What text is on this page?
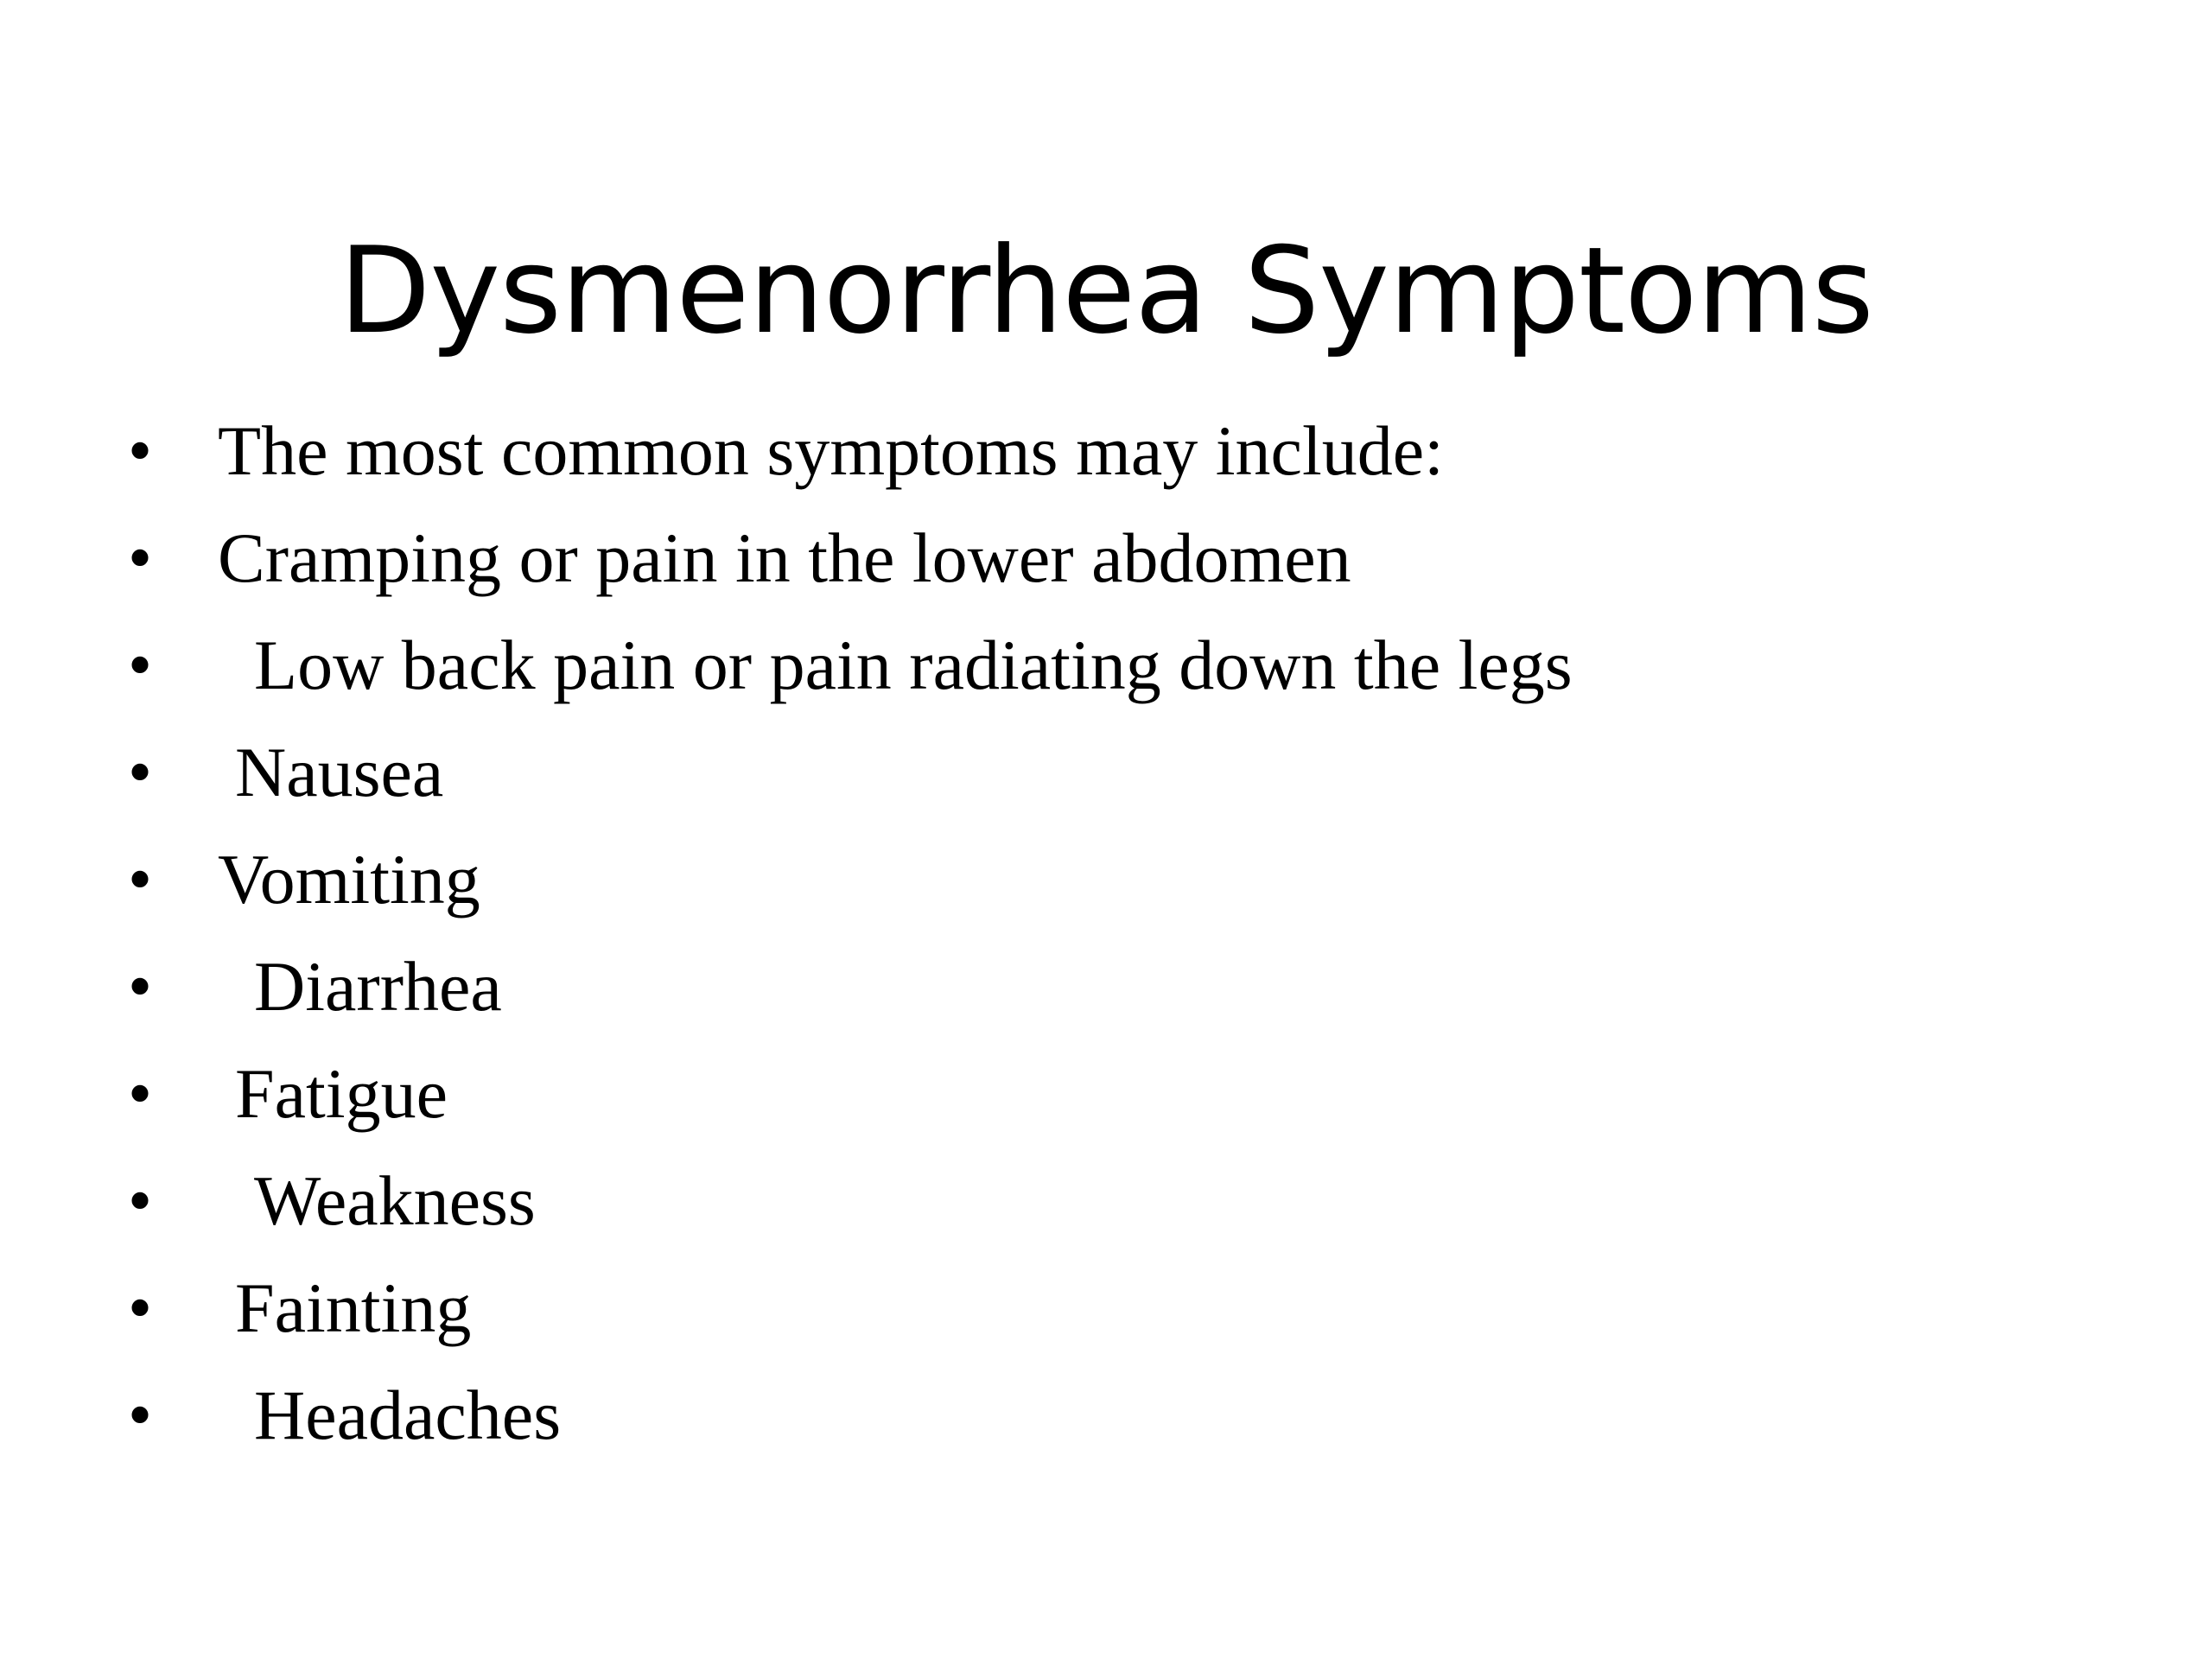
Dysmenorrhea Symptoms
• The most common symptoms may include:
• Cramping or pain in the lower abdomen
• Low back pain or pain radiating down the legs
• Nausea
• Vomiting
• Diarrhea
• Fatigue
• Weakness
• Fainting
• Headaches
